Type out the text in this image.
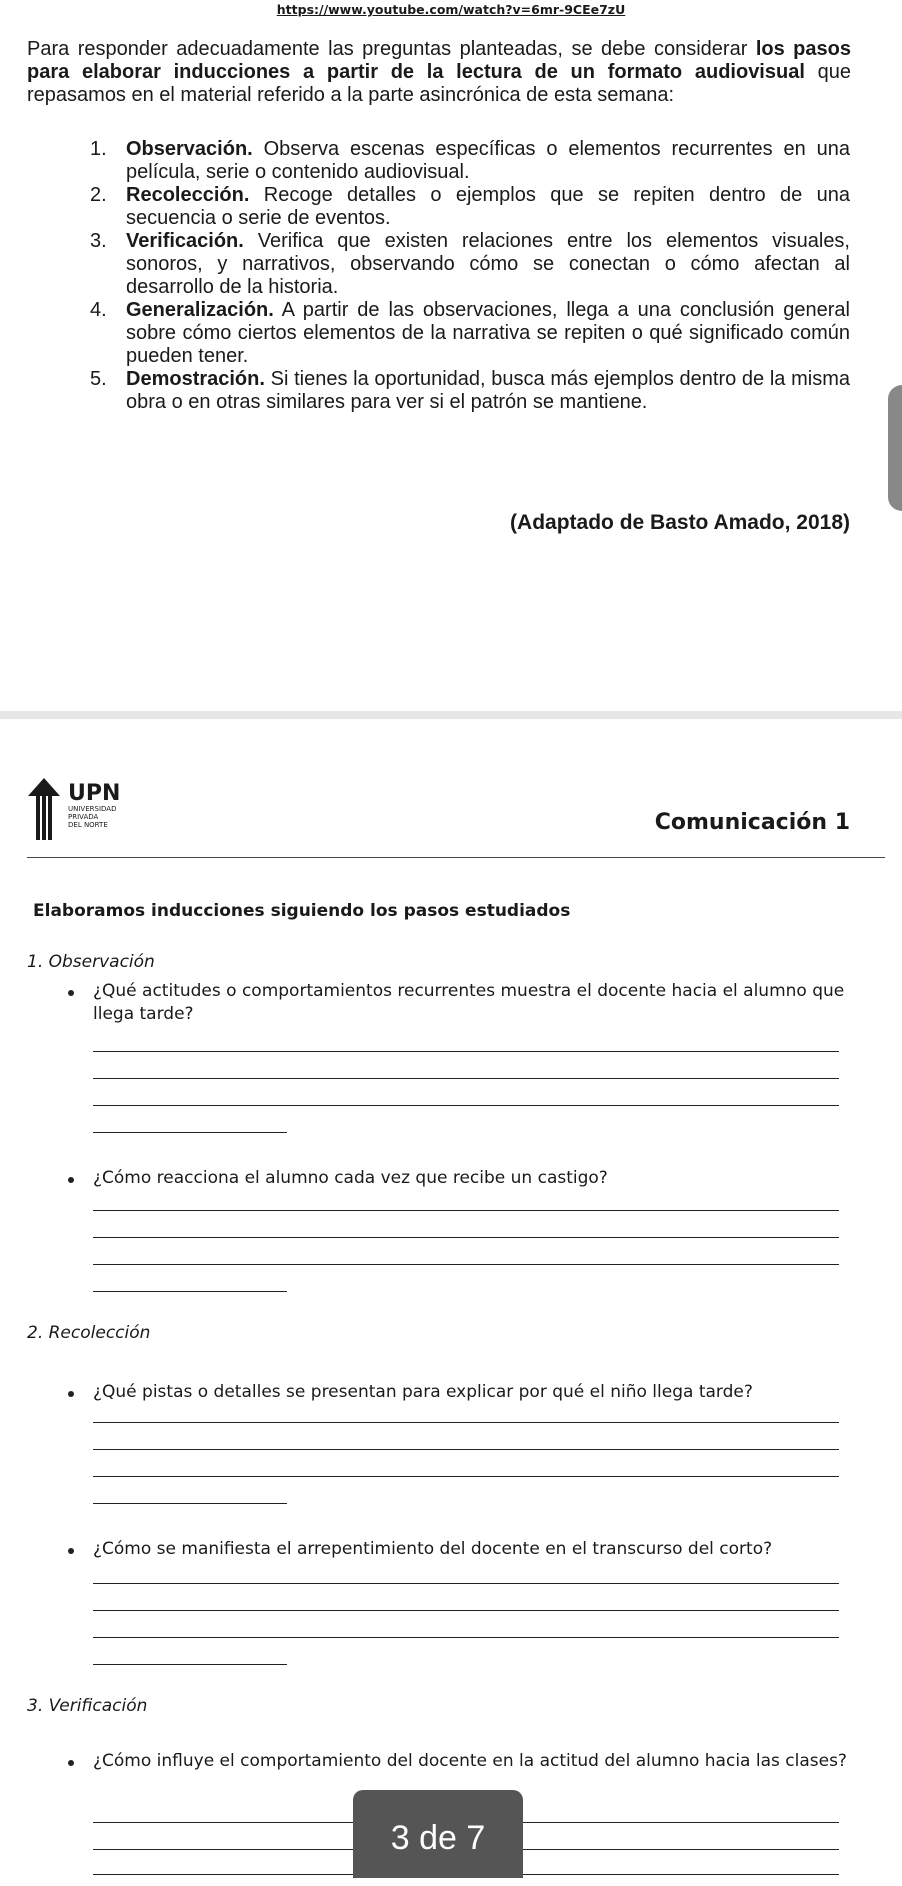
https://www.youtube.com/watch?v=6mr-9CEe7zU
Para responder adecuadamente las preguntas planteadas, se debe considerar los pasos para elaborar inducciones a partir de la lectura de un formato audiovisual que repasamos en el material referido a la parte asincrónica de esta semana:
1. Observación. Observa escenas específicas o elementos recurrentes en una película, serie o contenido audiovisual.
2. Recolección. Recoge detalles o ejemplos que se repiten dentro de una secuencia o serie de eventos.
3. Verificación. Verifica que existen relaciones entre los elementos visuales, sonoros, y narrativos, observando cómo se conectan o cómo afectan al desarrollo de la historia.
4. Generalización. A partir de las observaciones, llega a una conclusión general sobre cómo ciertos elementos de la narrativa se repiten o qué significado común pueden tener.
5. Demostración. Si tienes la oportunidad, busca más ejemplos dentro de la misma obra o en otras similares para ver si el patrón se mantiene.
(Adaptado de Basto Amado, 2018)
UPN
UNIVERSIDAD
PRIVADA
DEL NORTE	Comunicación 1
Elaboramos inducciones siguiendo los pasos estudiados
1. Observación
¿Qué actitudes o comportamientos recurrentes muestra el docente hacia el alumno que llega tarde?
¿Cómo reacciona el alumno cada vez que recibe un castigo?
2. Recolección
¿Qué pistas o detalles se presentan para explicar por qué el niño llega tarde?
¿Cómo se manifiesta el arrepentimiento del docente en el transcurso del corto?
3. Verificación
¿Cómo influye el comportamiento del docente en la actitud del alumno hacia las clases?
3 de 7
